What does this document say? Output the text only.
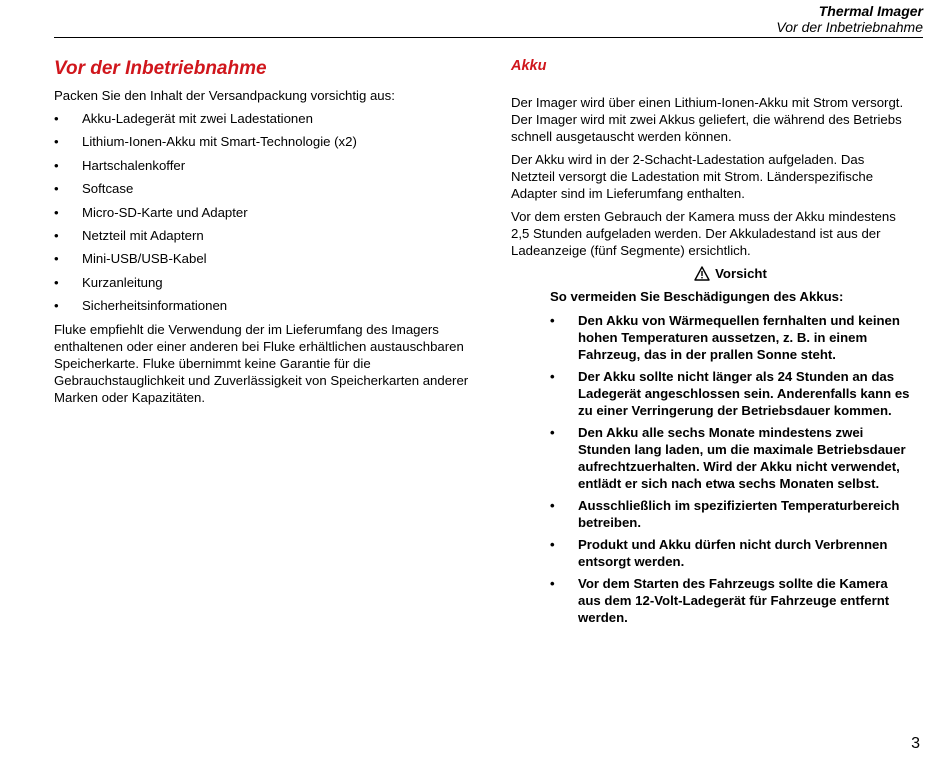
Thermal Imager
Vor der Inbetriebnahme
Vor der Inbetriebnahme

Packen Sie den Inhalt der Versandpackung vorsichtig aus:

• Akku-Ladegerät mit zwei Ladestationen
• Lithium-Ionen-Akku mit Smart-Technologie (x2)
• Hartschalenkoffer
• Softcase
• Micro-SD-Karte und Adapter
• Netzteil mit Adaptern
• Mini-USB/USB-Kabel
• Kurzanleitung
• Sicherheitsinformationen

Fluke empfiehlt die Verwendung der im Lieferumfang des Imagers enthaltenen oder einer anderen bei Fluke erhältlichen austauschbaren Speicherkarte. Fluke übernimmt keine Garantie für die Gebrauchstauglichkeit und Zuverlässigkeit von Speicherkarten anderer Marken oder Kapazitäten.

Akku

Der Imager wird über einen Lithium-Ionen-Akku mit Strom versorgt. Der Imager wird mit zwei Akkus geliefert, die während des Betriebs schnell ausgetauscht werden können.

Der Akku wird in der 2-Schacht-Ladestation aufgeladen. Das Netzteil versorgt die Ladestation mit Strom. Länderspezifische Adapter sind im Lieferumfang enthalten.

Vor dem ersten Gebrauch der Kamera muss der Akku mindestens 2,5 Stunden aufgeladen werden. Der Akkuladestand ist aus der Ladeanzeige (fünf Segmente) ersichtlich.

Vorsicht
So vermeiden Sie Beschädigungen des Akkus:
• Den Akku von Wärmequellen fernhalten und keinen hohen Temperaturen aussetzen, z. B. in einem Fahrzeug, das in der prallen Sonne steht.
• Der Akku sollte nicht länger als 24 Stunden an das Ladegerät angeschlossen sein. Anderenfalls kann es zu einer Verringerung der Betriebsdauer kommen.
• Den Akku alle sechs Monate mindestens zwei Stunden lang laden, um die maximale Betriebsdauer aufrechtzuerhalten. Wird der Akku nicht verwendet, entlädt er sich nach etwa sechs Monaten selbst.
• Ausschließlich im spezifizierten Temperaturbereich betreiben.
• Produkt und Akku dürfen nicht durch Verbrennen entsorgt werden.
• Vor dem Starten des Fahrzeugs sollte die Kamera aus dem 12-Volt-Ladegerät für Fahrzeuge entfernt werden.
3
